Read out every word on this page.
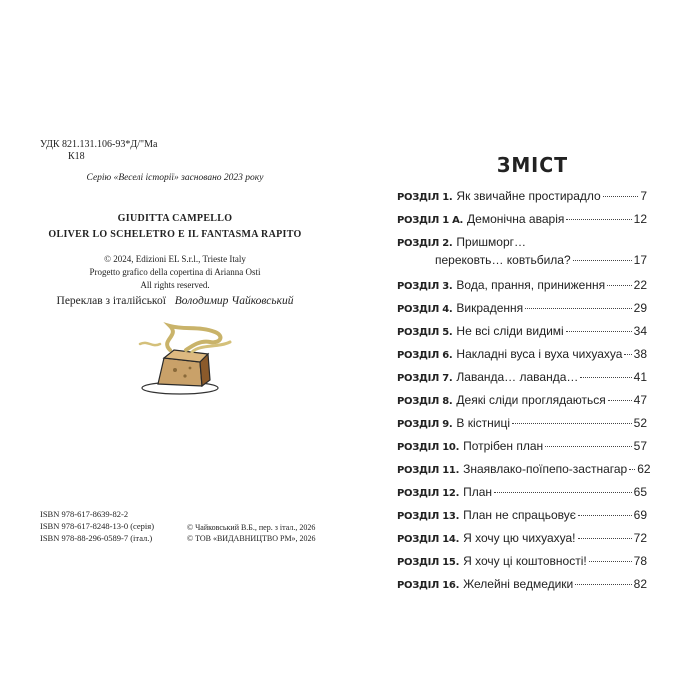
УДК 821.131.106-93*Д/"Ма
К18
Серію «Веселі історії» засновано 2023 року
GIUDITTA CAMPELLO
OLIVER LO SCHELETRO E IL FANTASMA RAPITO
© 2024, Edizioni EL S.r.l., Trieste Italy
Progetto grafico della copertina di Arianna Osti
All rights reserved.
Переклав з італійської Володимир Чайковський
ISBN 978-617-8639-82-2
ISBN 978-617-8248-13-0 (серія)
ISBN 978-88-296-0589-7 (італ.)
© Чайковський В.Б., пер. з італ., 2026
© ТОВ «ВИДАВНИЦТВО РМ», 2026
ЗМІСТ
РОЗДІЛ 1. Як звичайне простирадло	7
РОЗДІЛ 1 А. Демонічна аварія	12
РОЗДІЛ 2. Пришморг…
перековть… ковтьбила?	17
РОЗДІЛ 3. Вода, прання, приниження 22
РОЗДІЛ 4. Викрадення	29
РОЗДІЛ 5. Не всі сліди видимі	34
РОЗДІЛ 6. Накладні вуса і вуха чихуахуа 38
РОЗДІЛ 7. Лаванда… лаванда…	41
РОЗДІЛ 8. Деякі сліди проглядаються 47
РОЗДІЛ 9. В кістниці	52
РОЗДІЛ 10. Потрібен план	57
РОЗДІЛ 11. Знаявлако-поїпепо-застнагар 62
РОЗДІЛ 12. План	65
РОЗДІЛ 13. План не спрацьовує	69
РОЗДІЛ 14. Я хочу цю чихуахуа!	72
РОЗДІЛ 15. Я хочу ці коштовності!	78
РОЗДІЛ 16. Желейні ведмедики	82
